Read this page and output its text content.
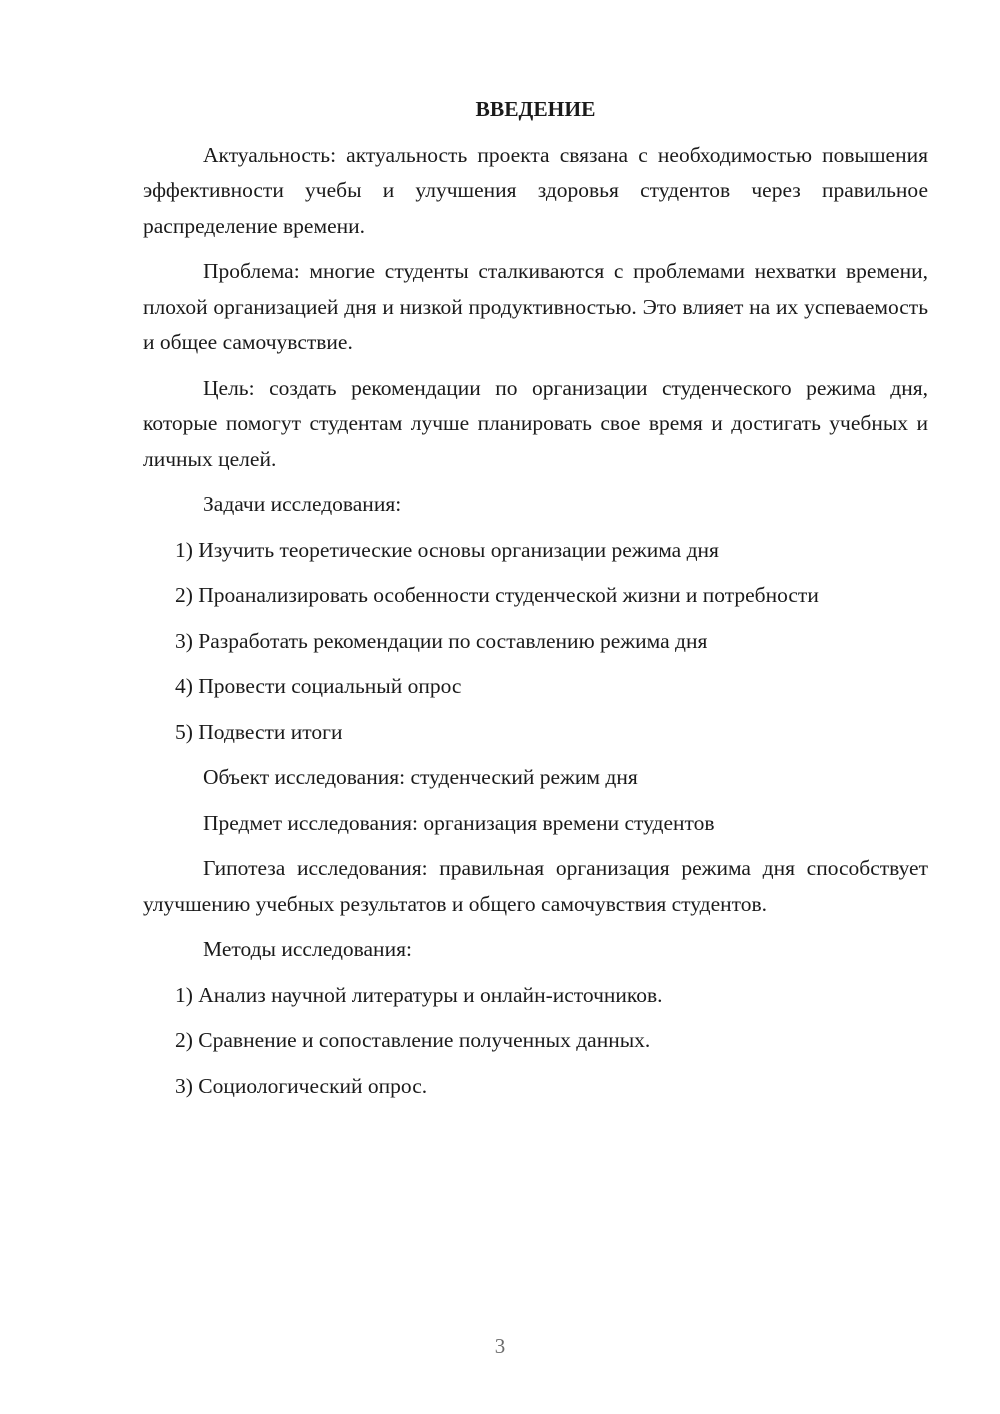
ВВЕДЕНИЕ

Актуальность: актуальность проекта связана с необходимостью повышения эффективности учебы и улучшения здоровья студентов через правильное распределение времени.

Проблема: многие студенты сталкиваются с проблемами нехватки времени, плохой организацией дня и низкой продуктивностью. Это влияет на их успеваемость и общее самочувствие.

Цель: создать рекомендации по организации студенческого режима дня, которые помогут студентам лучше планировать свое время и достигать учебных и личных целей.

Задачи исследования:

1) Изучить теоретические основы организации режима дня

2) Проанализировать особенности студенческой жизни и потребности

3) Разработать рекомендации по составлению режима дня

4) Провести социальный опрос

5) Подвести итоги

Объект исследования: студенческий режим дня

Предмет исследования: организация времени студентов

Гипотеза исследования: правильная организация режима дня способствует улучшению учебных результатов и общего самочувствия студентов.

Методы исследования:

1) Анализ научной литературы и онлайн-источников.

2) Сравнение и сопоставление полученных данных.

3) Социологический опрос.

3
